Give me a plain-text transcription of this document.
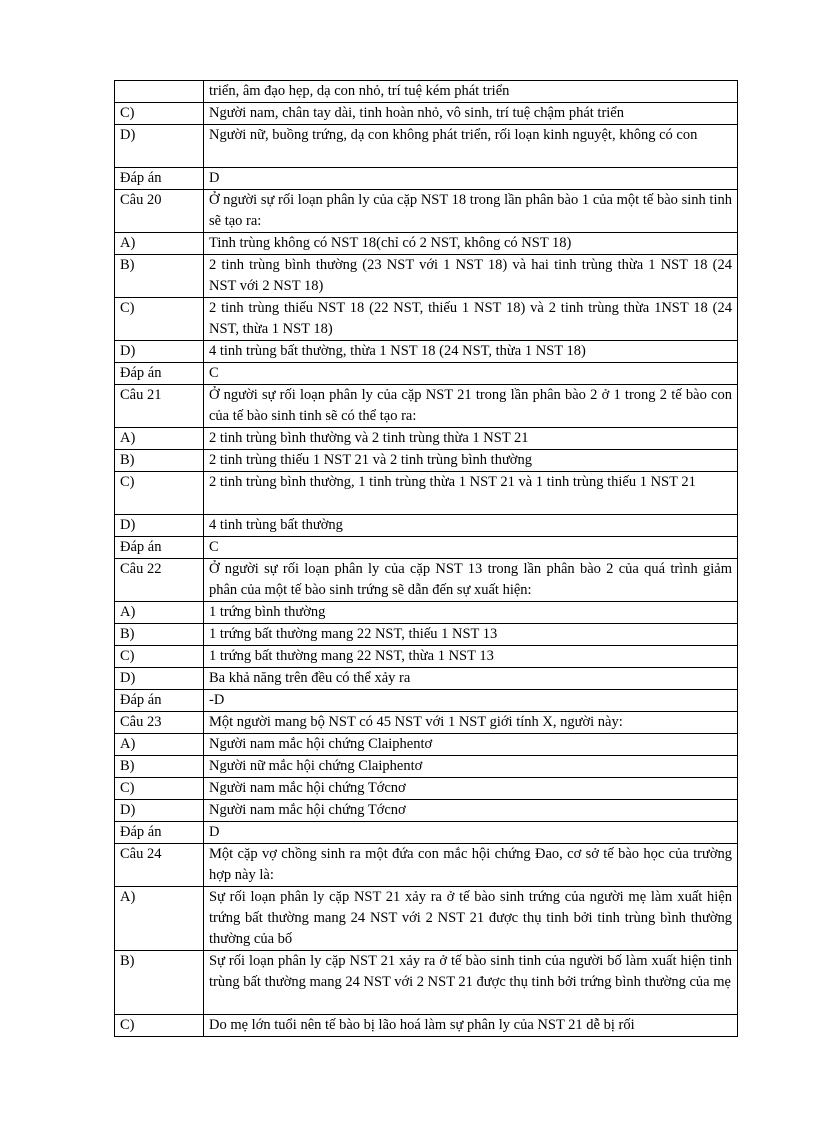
	triển, âm đạo hẹp, dạ con nhỏ, trí tuệ kém phát triển
C)	Người nam, chân tay dài, tinh hoàn nhỏ, vô sinh, trí tuệ chậm phát triển
D)	Người nữ, buồng trứng, dạ con không phát triển, rối loạn kinh nguyệt, không có con
Đáp án	D
Câu 20	Ở người sự rối loạn phân ly của cặp NST 18 trong lần phân bào 1 của một tế bào sinh tinh sẽ tạo ra:
A)	Tinh trùng không có NST 18(chỉ có 2 NST, không có NST 18)
B)	2 tinh trùng bình thường (23 NST với 1 NST 18) và hai tinh trùng thừa 1 NST 18 (24 NST với 2 NST 18)
C)	2 tinh trùng thiếu NST 18 (22 NST, thiếu 1 NST 18) và 2 tinh trùng thừa 1NST 18 (24 NST, thừa 1 NST 18)
D)	4 tinh trùng bất thường, thừa 1 NST 18 (24 NST, thừa 1 NST 18)
Đáp án	C
Câu 21	Ở người sự rối loạn phân ly của cặp NST 21 trong lần phân bào 2 ở 1 trong 2 tế bào con của tế bào sinh tinh sẽ có thể tạo ra:
A)	2 tinh trùng bình thường và 2 tinh trùng thừa 1 NST 21
B)	2 tinh trùng thiếu 1 NST 21 và 2 tinh trùng bình thường
C)	2 tinh trùng bình thường, 1 tinh trùng thừa 1 NST 21 và 1 tinh trùng thiếu 1 NST 21
D)	4 tinh trùng bất thường
Đáp án	C
Câu 22	Ở người sự rối loạn phân ly của cặp NST 13 trong lần phân bào 2 của quá trình giảm phân của một tế bào sinh trứng sẽ dẫn đến sự xuất hiện:
A)	1 trứng bình thường
B)	1 trứng bất thường mang 22 NST, thiếu 1 NST 13
C)	1 trứng bất thường mang 22 NST, thừa 1 NST 13
D)	Ba khả năng trên đều có thể xảy ra
Đáp án	-D
Câu 23	Một người mang bộ NST có 45 NST với 1 NST giới tính X, người này:
A)	Người nam mắc hội chứng Claiphentơ
B)	Người nữ mắc hội chứng Claiphentơ
C)	Người nam mắc hội chứng Tớcnơ
D)	Người nam mắc hội chứng Tớcnơ
Đáp án	D
Câu 24	Một cặp vợ chồng sinh ra một đứa con mắc hội chứng Đao, cơ sở tế bào học của trường hợp này là:
A)	Sự rối loạn phân ly cặp NST 21 xảy ra ở tế bào sinh trứng của người mẹ làm xuất hiện trứng bất thường mang 24 NST với 2 NST 21 được thụ tinh bởi tinh trùng bình thường thường của bố
B)	Sự rối loạn phân ly cặp NST 21 xảy ra ở tế bào sinh tinh của người bố làm xuất hiện tinh trùng bất thường mang 24 NST với 2 NST 21 được thụ tinh bởi trứng bình thường của mẹ
C)	Do mẹ lớn tuổi nên tế bào bị lão hoá làm sự phân ly của NST 21 dễ bị rối
